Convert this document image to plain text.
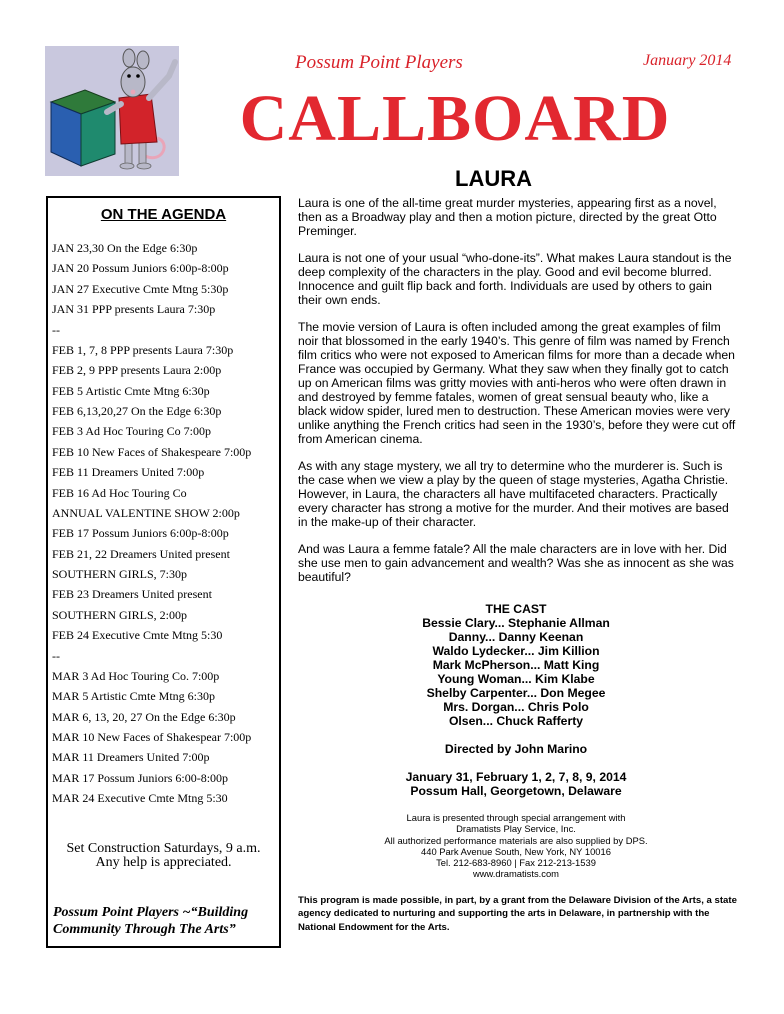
Possum Point Players	January 2014
CALLBOARD
LAURA
ON THE AGENDA
JAN 23,30 On the Edge 6:30p
JAN 20 Possum Juniors 6:00p-8:00p
JAN 27 Executive Cmte Mtng 5:30p
JAN 31 PPP presents Laura 7:30p
--
FEB 1, 7, 8 PPP presents Laura 7:30p
FEB 2, 9 PPP presents Laura 2:00p
FEB 5 Artistic Cmte Mtng 6:30p
FEB 6,13,20,27 On the Edge 6:30p
FEB 3 Ad Hoc Touring Co 7:00p
FEB 10 New Faces of Shakespeare 7:00p
FEB 11 Dreamers United 7:00p
FEB 16 Ad Hoc Touring Co
ANNUAL VALENTINE SHOW 2:00p
FEB 17 Possum Juniors 6:00p-8:00p
FEB 21, 22 Dreamers United present
SOUTHERN GIRLS, 7:30p
FEB 23 Dreamers United present
SOUTHERN GIRLS, 2:00p
FEB 24 Executive Cmte Mtng 5:30
--
MAR 3 Ad Hoc Touring Co. 7:00p
MAR 5 Artistic Cmte Mtng 6:30p
MAR 6, 13, 20, 27 On the Edge 6:30p
MAR 10 New Faces of Shakespear 7:00p
MAR 11 Dreamers United 7:00p
MAR 17 Possum Juniors 6:00-8:00p
MAR 24 Executive Cmte Mtng 5:30
Set Construction Saturdays, 9 a.m.
Any help is appreciated.
Possum Point Players ~“Building Community Through The Arts”

Laura is one of the all-time great murder mysteries, appearing first as a novel, then as a Broadway play and then a motion picture, directed by the great Otto Preminger.

Laura is not one of your usual “who-done-its”. What makes Laura standout is the deep complexity of the characters in the play. Good and evil become blurred. Innocence and guilt flip back and forth. Individuals are used by others to gain their own ends.

The movie version of Laura is often included among the great examples of film noir that blossomed in the early 1940’s. This genre of film was named by French film critics who were not exposed to American films for more than a decade when France was occupied by Germany. What they saw when they finally got to catch up on American films was gritty movies with anti-heros who were often drawn in and destroyed by femme fatales, women of great sensual beauty who, like a black widow spider, lured men to destruction. These American movies were very unlike anything the French critics had seen in the 1930’s, before they were cut off from American cinema.

As with any stage mystery, we all try to determine who the murderer is. Such is the case when we view a play by the queen of stage mysteries, Agatha Christie. However, in Laura, the characters all have multifaceted characters. Practically every character has strong a motive for the murder. And their motives are based in the make-up of their character.

And was Laura a femme fatale? All the male characters are in love with her. Did she use men to gain advancement and wealth? Was she as innocent as she was beautiful?

THE CAST
Bessie Clary... Stephanie Allman
Danny... Danny Keenan
Waldo Lydecker... Jim Killion
Mark McPherson... Matt King
Young Woman... Kim Klabe
Shelby Carpenter... Don Megee
Mrs. Dorgan... Chris Polo
Olsen... Chuck Rafferty
Directed by John Marino
January 31, February 1, 2, 7, 8, 9, 2014
Possum Hall, Georgetown, Delaware
Laura is presented through special arrangement with
Dramatists Play Service, Inc.
All authorized performance materials are also supplied by DPS.
440 Park Avenue South, New York, NY 10016
Tel. 212-683-8960 | Fax 212-213-1539
www.dramatists.com
This program is made possible, in part, by a grant from the Delaware Division of the Arts, a state agency dedicated to nurturing and supporting the arts in Delaware, in partnership with the National Endowment for the Arts.
